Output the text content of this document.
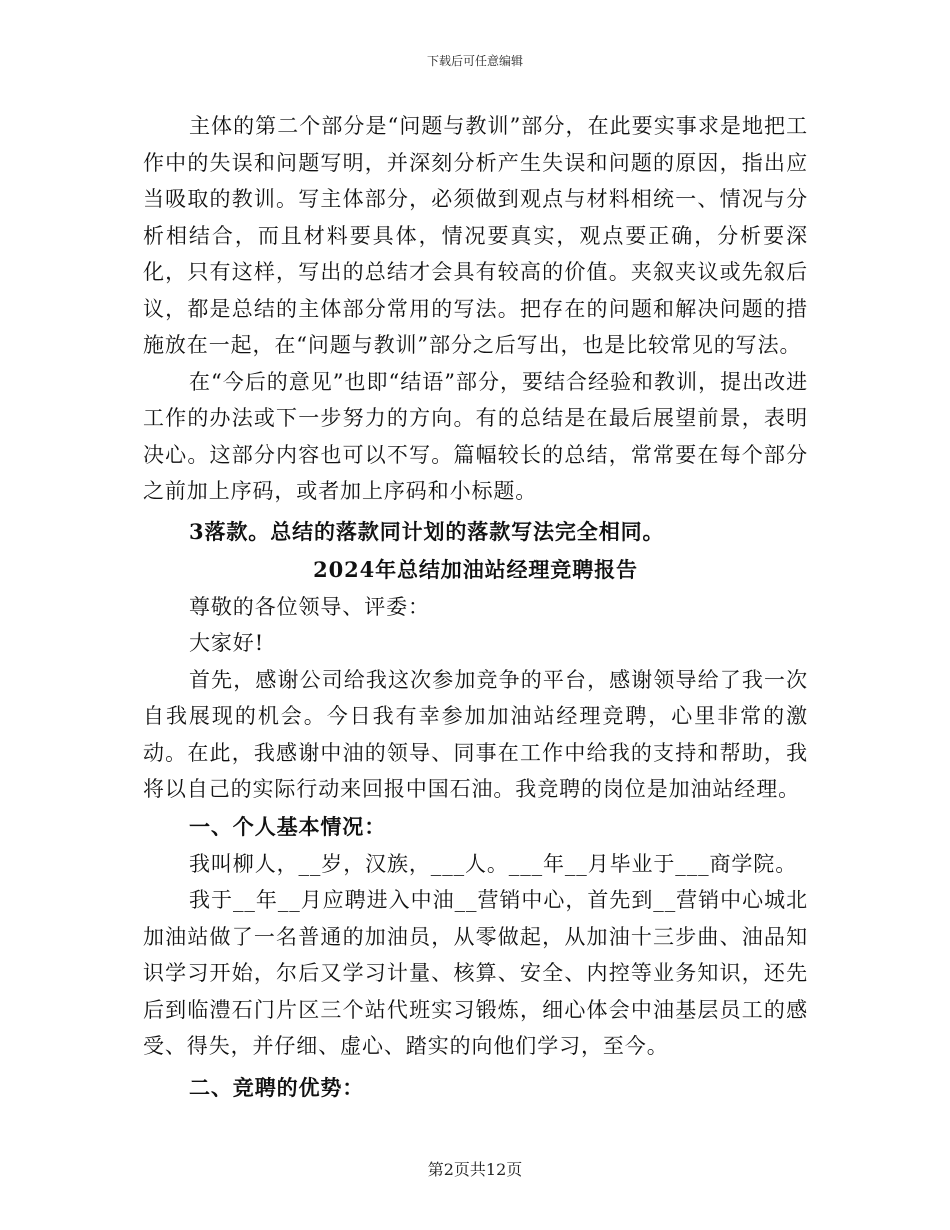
下载后可任意编辑

主体的第二个部分是“问题与教训”部分，在此要实事求是地把工作中的失误和问题写明，并深刻分析产生失误和问题的原因，指出应当吸取的教训。写主体部分，必须做到观点与材料相统一、情况与分析相结合，而且材料要具体，情况要真实，观点要正确，分析要深化，只有这样，写出的总结才会具有较高的价值。夹叙夹议或先叙后议，都是总结的主体部分常用的写法。把存在的问题和解决问题的措施放在一起，在“问题与教训”部分之后写出，也是比较常见的写法。

在“今后的意见”也即“结语”部分，要结合经验和教训，提出改进工作的办法或下一步努力的方向。有的总结是在最后展望前景，表明决心。这部分内容也可以不写。篇幅较长的总结，常常要在每个部分之前加上序码，或者加上序码和小标题。

3落款。总结的落款同计划的落款写法完全相同。

2024年总结加油站经理竞聘报告

尊敬的各位领导、评委：

大家好!

首先，感谢公司给我这次参加竞争的平台，感谢领导给了我一次自我展现的机会。今日我有幸参加加油站经理竞聘，心里非常的激动。在此，我感谢中油的领导、同事在工作中给我的支持和帮助，我将以自己的实际行动来回报中国石油。我竞聘的岗位是加油站经理。

一、个人基本情况：

我叫柳人，__岁，汉族，___人。___年__月毕业于___商学院。

我于__年__月应聘进入中油__营销中心，首先到__营销中心城北加油站做了一名普通的加油员，从零做起，从加油十三步曲、油品知识学习开始，尔后又学习计量、核算、安全、内控等业务知识，还先后到临澧石门片区三个站代班实习锻炼，细心体会中油基层员工的感受、得失，并仔细、虚心、踏实的向他们学习，至今。

二、竞聘的优势：

第2页共12页
